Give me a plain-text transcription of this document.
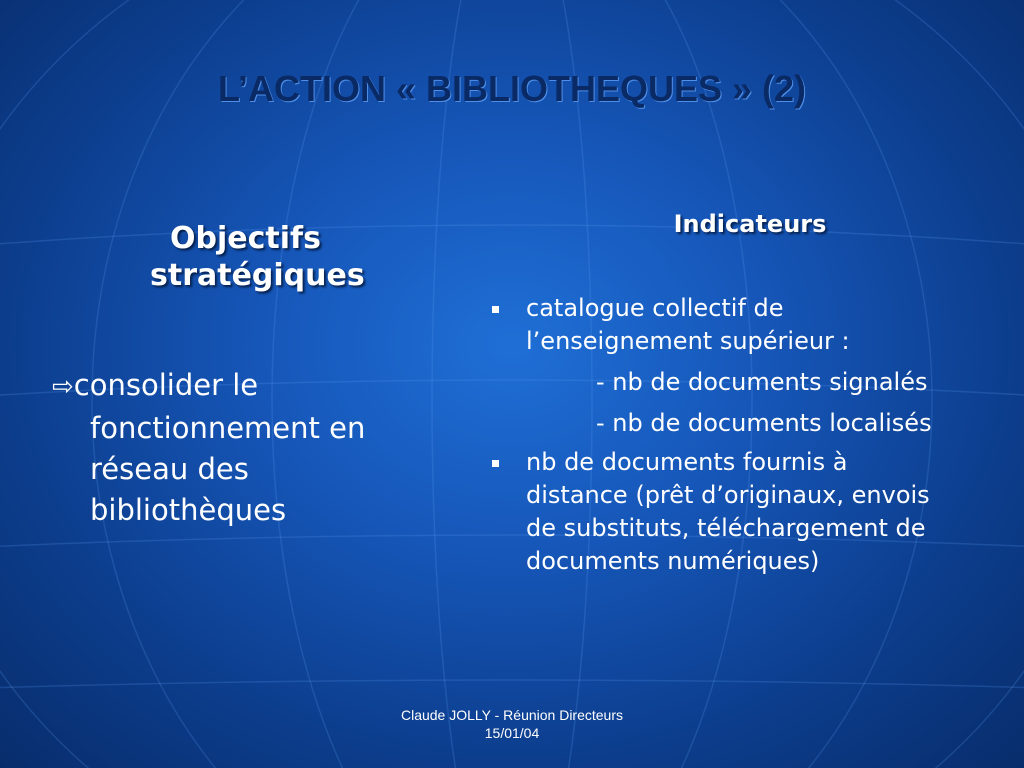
L’ACTION « BIBLIOTHEQUES » (2)
Objectifs
stratégiques
⇨consolider le
fonctionnement en
réseau des
bibliothèques
Indicateurs
catalogue collectif de
l’enseignement supérieur :
- nb de documents signalés
- nb de documents localisés
nb de documents fournis à
distance (prêt d’originaux, envois
de substituts, téléchargement de
documents numériques)
Claude JOLLY - Réunion Directeurs
15/01/04
